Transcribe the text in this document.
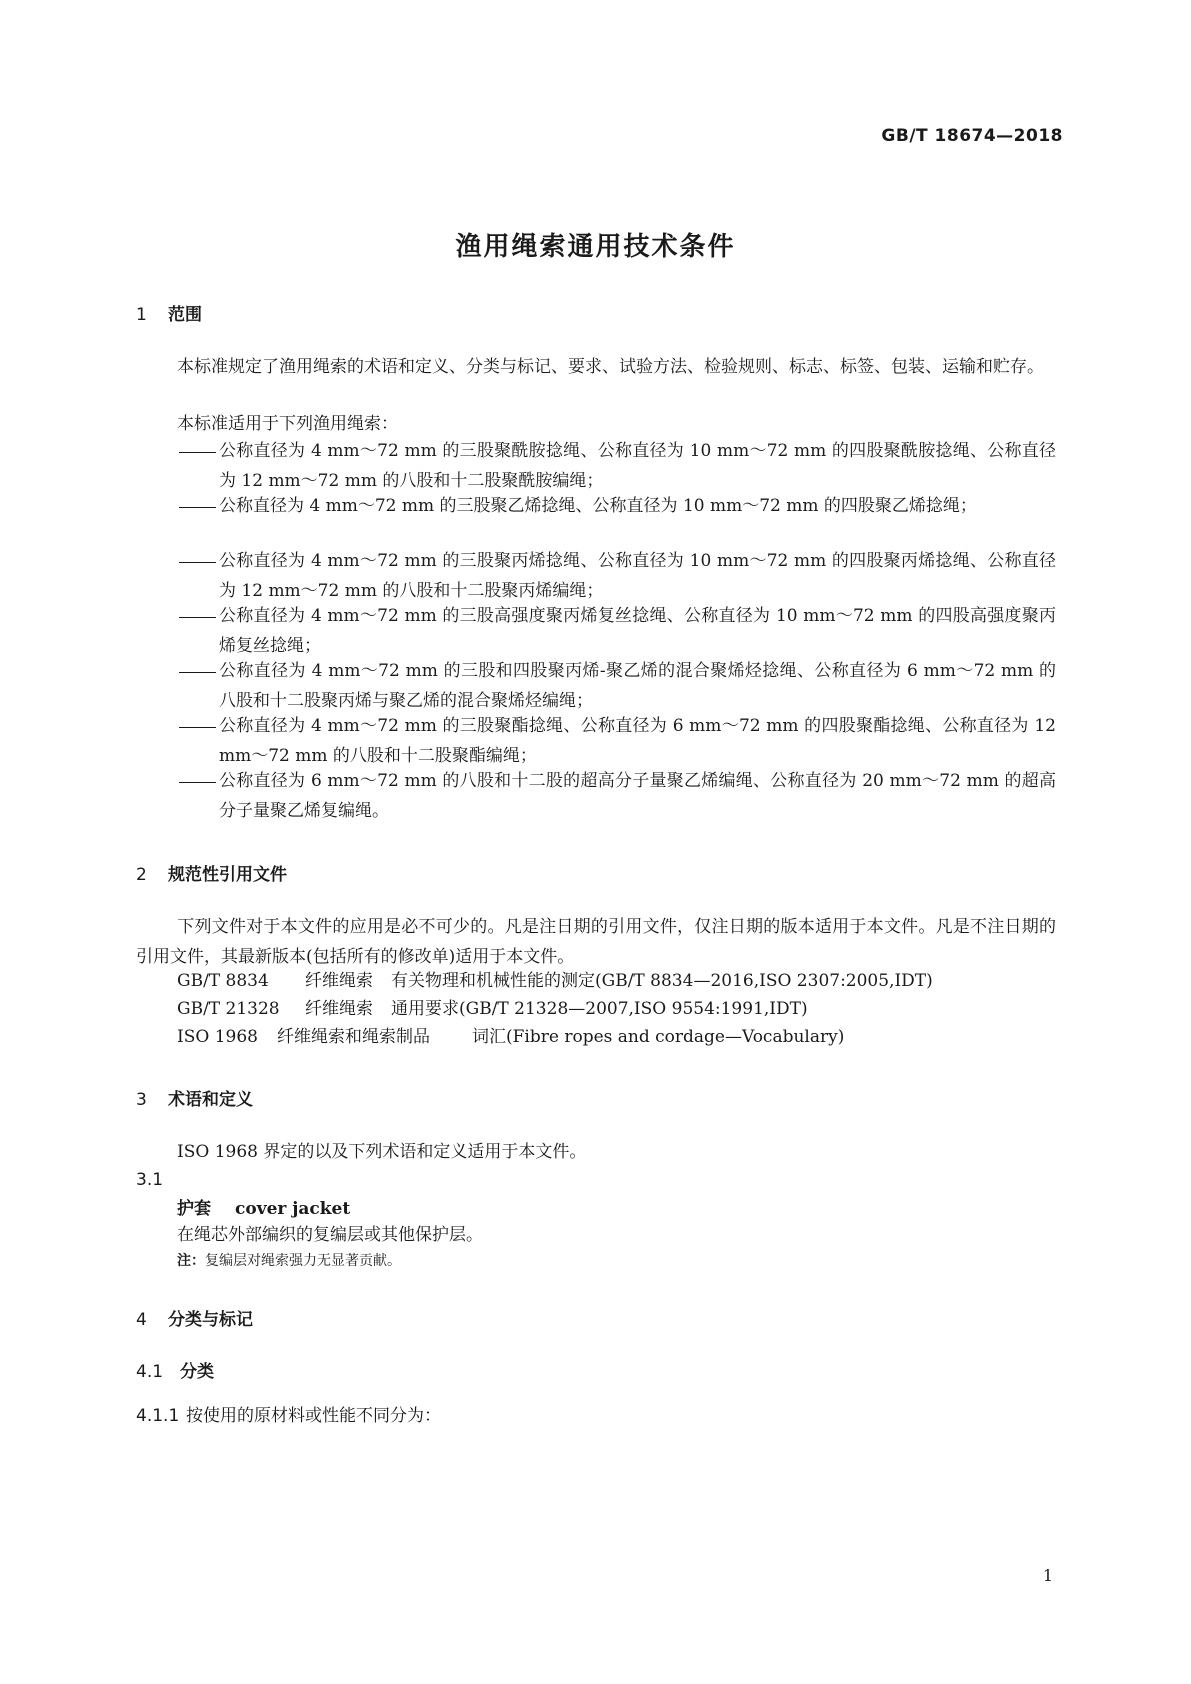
GB/T 18674—2018
渔用绳索通用技术条件
1 范围
本标准规定了渔用绳索的术语和定义、分类与标记、要求、试验方法、检验规则、标志、标签、包装、运输和贮存。
本标准适用于下列渔用绳索：
公称直径为 4 mm～72 mm 的三股聚酰胺捻绳、公称直径为 10 mm～72 mm 的四股聚酰胺捻绳、公称直径为 12 mm～72 mm 的八股和十二股聚酰胺编绳；
公称直径为 4 mm～72 mm 的三股聚乙烯捻绳、公称直径为 10 mm～72 mm 的四股聚乙烯捻绳；
公称直径为 4 mm～72 mm 的三股聚丙烯捻绳、公称直径为 10 mm～72 mm 的四股聚丙烯捻绳、公称直径为 12 mm～72 mm 的八股和十二股聚丙烯编绳；
公称直径为 4 mm～72 mm 的三股高强度聚丙烯复丝捻绳、公称直径为 10 mm～72 mm 的四股高强度聚丙烯复丝捻绳；
公称直径为 4 mm～72 mm 的三股和四股聚丙烯-聚乙烯的混合聚烯烃捻绳、公称直径为 6 mm～72 mm 的八股和十二股聚丙烯与聚乙烯的混合聚烯烃编绳；
公称直径为 4 mm～72 mm 的三股聚酯捻绳、公称直径为 6 mm～72 mm 的四股聚酯捻绳、公称直径为 12 mm～72 mm 的八股和十二股聚酯编绳；
公称直径为 6 mm～72 mm 的八股和十二股的超高分子量聚乙烯编绳、公称直径为 20 mm～72 mm 的超高分子量聚乙烯复编绳。
2 规范性引用文件
下列文件对于本文件的应用是必不可少的。凡是注日期的引用文件，仅注日期的版本适用于本文件。凡是不注日期的引用文件，其最新版本(包括所有的修改单)适用于本文件。
GB/T 8834 纤维绳索 有关物理和机械性能的测定(GB/T 8834—2016,ISO 2307:2005,IDT)
GB/T 21328 纤维绳索 通用要求(GB/T 21328—2007,ISO 9554:1991,IDT)
ISO 1968 纤维绳索和绳索制品 词汇(Fibre ropes and cordage—Vocabulary)
3 术语和定义
ISO 1968 界定的以及下列术语和定义适用于本文件。
3.1
护套 cover jacket
在绳芯外部编织的复编层或其他保护层。
注：复编层对绳索强力无显著贡献。
4 分类与标记
4.1 分类
4.1.1 按使用的原材料或性能不同分为：
1
